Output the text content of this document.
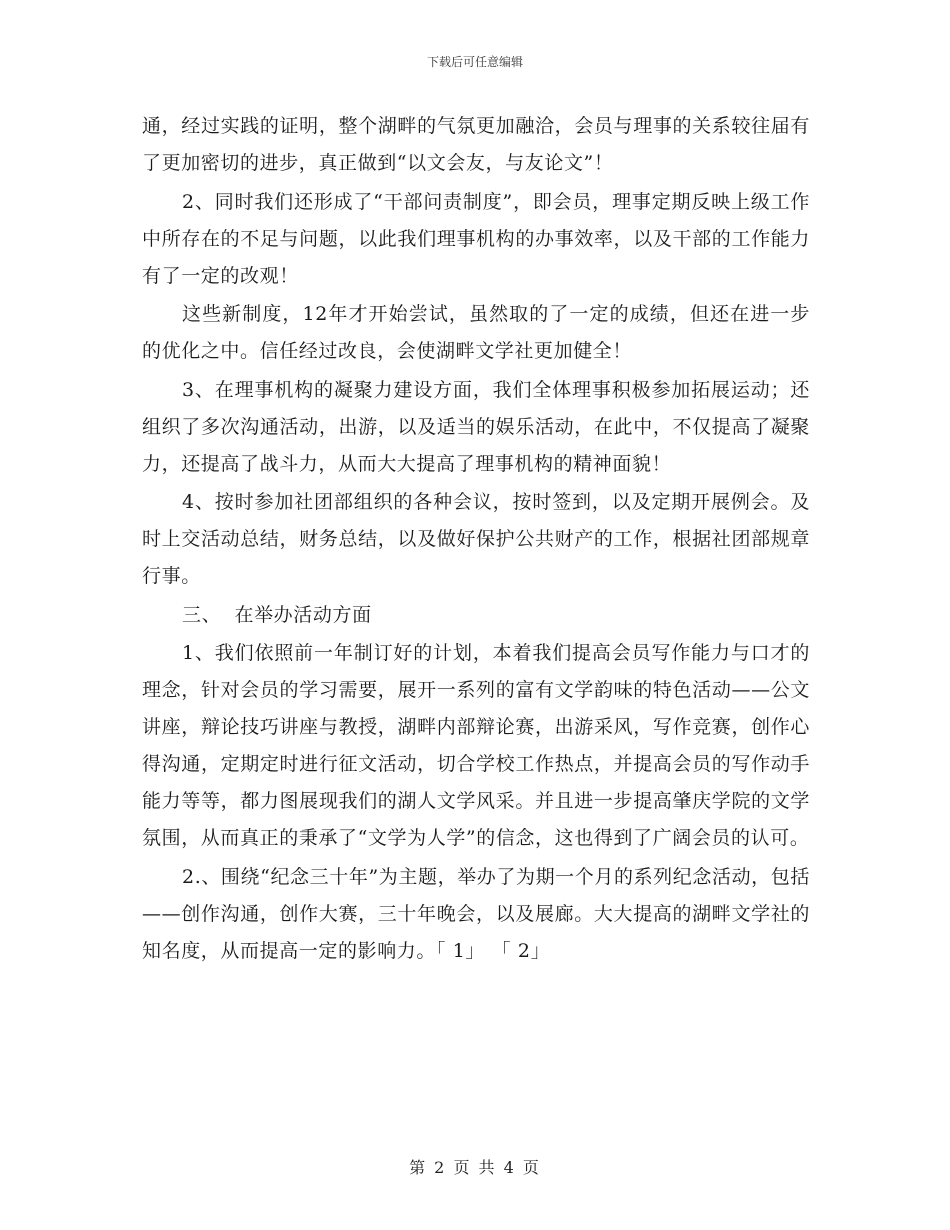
下载后可任意编辑

通，经过实践的证明，整个湖畔的气氛更加融洽，会员与理事的关系较往届有了更加密切的进步，真正做到“以文会友，与友论文”！

2、同时我们还形成了“干部问责制度”，即会员，理事定期反映上级工作中所存在的不足与问题，以此我们理事机构的办事效率，以及干部的工作能力有了一定的改观！

这些新制度，12年才开始尝试，虽然取的了一定的成绩，但还在进一步的优化之中。信任经过改良，会使湖畔文学社更加健全！

3、在理事机构的凝聚力建设方面，我们全体理事积极参加拓展运动；还组织了多次沟通活动，出游，以及适当的娱乐活动，在此中，不仅提高了凝聚力，还提高了战斗力，从而大大提高了理事机构的精神面貌！

4、按时参加社团部组织的各种会议，按时签到，以及定期开展例会。及时上交活动总结，财务总结，以及做好保护公共财产的工作，根据社团部规章行事。

三、  在举办活动方面

1、我们依照前一年制订好的计划，本着我们提高会员写作能力与口才的理念，针对会员的学习需要，展开一系列的富有文学韵味的特色活动——公文讲座，辩论技巧讲座与教授，湖畔内部辩论赛，出游采风，写作竞赛，创作心得沟通，定期定时进行征文活动，切合学校工作热点，并提高会员的写作动手能力等等，都力图展现我们的湖人文学风采。并且进一步提高肇庆学院的文学氛围，从而真正的秉承了“文学为人学”的信念，这也得到了广阔会员的认可。

2.、围绕“纪念三十年”为主题，举办了为期一个月的系列纪念活动，包括——创作沟通，创作大赛，三十年晚会，以及展廊。大大提高的湖畔文学社的知名度，从而提高一定的影响力。「 1」 「 2」

第 2 页 共 4 页
